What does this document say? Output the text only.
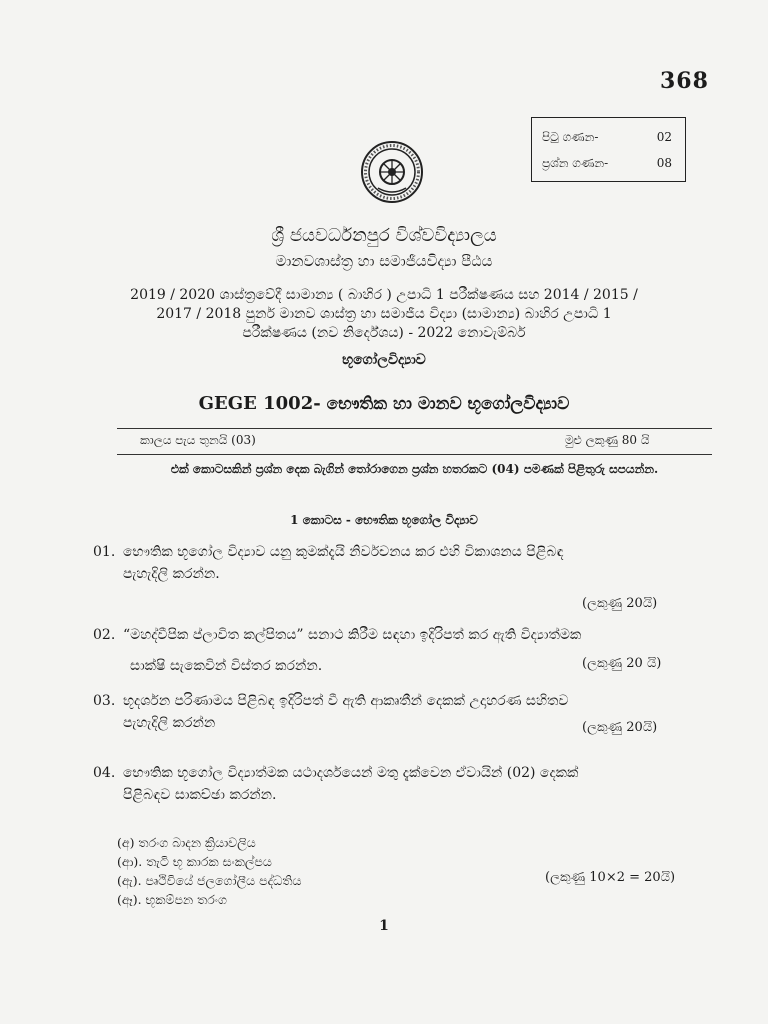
368
පිටු ගණන-	02
ප්‍රශ්න ගණන-	08
ශ්‍රී ජයවර්ධනපුර විශ්වවිද්‍යාලය
මානවශාස්ත්‍ර හා සමාජීයවිද්‍යා පීඨය
2019 / 2020 ශාස්ත්‍රවේදී සාමාන්‍ය ( බාහිර ) උපාධි 1 පරීක්ෂණය සහ 2014 / 2015 /
2017 / 2018 පුනර් මානව ශාස්ත්‍ර හා සමාජීය විද්‍යා (සාමාන්‍ය) බාහිර උපාධි 1
පරීක්ෂණය (නව නිර්දේශය) - 2022 නොවැම්බර්
භූගෝලවිද්‍යාව
GEGE 1002- භෞතික හා මානව භූගෝලවිද්‍යාව
කාලය පැය තුනයි (03)	මුළු ලකුණු 80 යි
එක් කොටසකින් ප්‍රශ්න දෙක බැගින් තෝරාගෙන ප්‍රශ්න හතරකට (04) පමණක් පිළිතුරු සපයන්න.
1 කොටස - භෞතික භූගෝල විද්‍යාව
01. භෞතික භූගෝල විද්‍යාව යනු කුමක්දැයි නිර්වචනය කර එහි විකාශනය පිළිබඳ
පැහැදිලි කරන්න.
(ලකුණු 20යි)
02. “මහද්වීපික ප්ලාවිත කල්පිතය” සනාථ කිරීම සඳහා ඉදිරිපත් කර ඇති විද්‍යාත්මක
සාක්ෂි සැකෙවින් විස්තර කරන්න.	(ලකුණු 20 යි)
03. භූදර්ශන පරිණාමය පිළිබඳ ඉදිරිපත් වී ඇති ආකෘතීන් දෙකක් උදාහරණ සහිතව
පැහැදිලි කරන්න	(ලකුණු 20යි)
04. භෞතික භූගෝල විද්‍යාත්මක යථාදර්ශයෙන් මතු දැක්වෙන ඒවායින් (02) දෙකක්
පිළිබඳව සාකච්ඡා කරන්න.
(අ) තරංග බාදන ක්‍රියාවලිය
(ආ). තැටි භූ කාරක සංකල්පය
(ඇ). පෘථිවියේ ජලගෝලීය පද්ධතිය
(ඈ). භූකම්පන තරංග
(ලකුණු 10×2 = 20යි)
1
